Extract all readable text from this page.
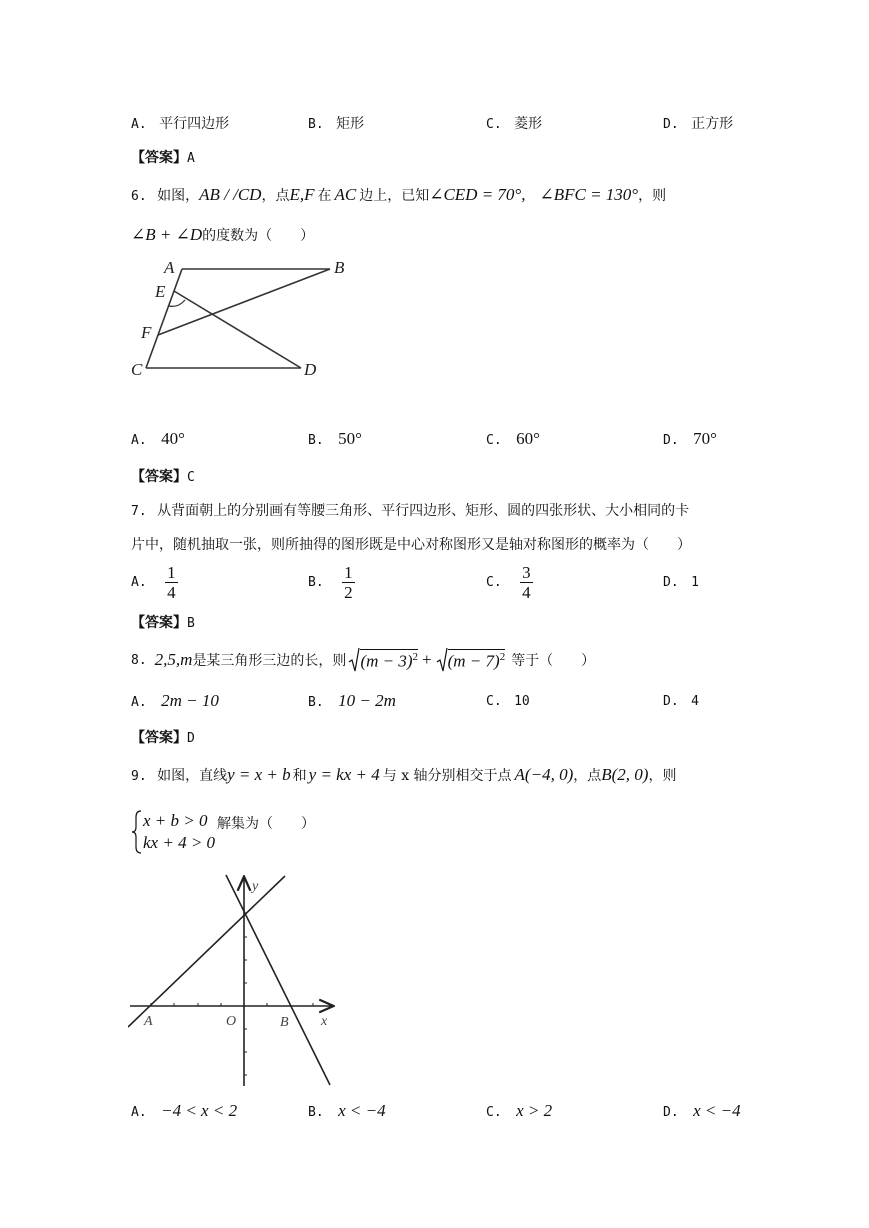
A. 平行四边形	B. 矩形	C. 菱形	D. 正方形
【答案】A
6. 如图，AB / /CD，点E,F 在 AC 边上，已知∠CED = 70°, ∠BFC = 130°，则
∠B + ∠D的度数为（　　）
A	B
E
F
C	D
A. 40°	B. 50°	C. 60°	D. 70°
【答案】C
7. 从背面朝上的分别画有等腰三角形、平行四边形、矩形、圆的四张形状、大小相同的卡
片中，随机抽取一张，则所抽得的图形既是中心对称图形又是轴对称图形的概率为（　　）
A. $\frac{1}{4}$	B. $\frac{1}{2}$	C. $\frac{3}{4}$	D. 1
【答案】B
8. 2,5,m 是某三角形三边的长，则 $(m - 3)^2 + (m - 7)^2$ 等于（　　）
A. 2m − 10	B. 10 − 2m	C. 10	D. 4
【答案】D
9. 如图，直线y = x + b 和 y = kx + 4 与 x 轴分别相交于点 A(−4, 0)，点B(2, 0)，则
x + b > 0
kx + 4 > 0
解集为（　　）
y
x
O
A	B
A. −4 < x < 2	B. x < −4	C. x > 2	D. x < −4
